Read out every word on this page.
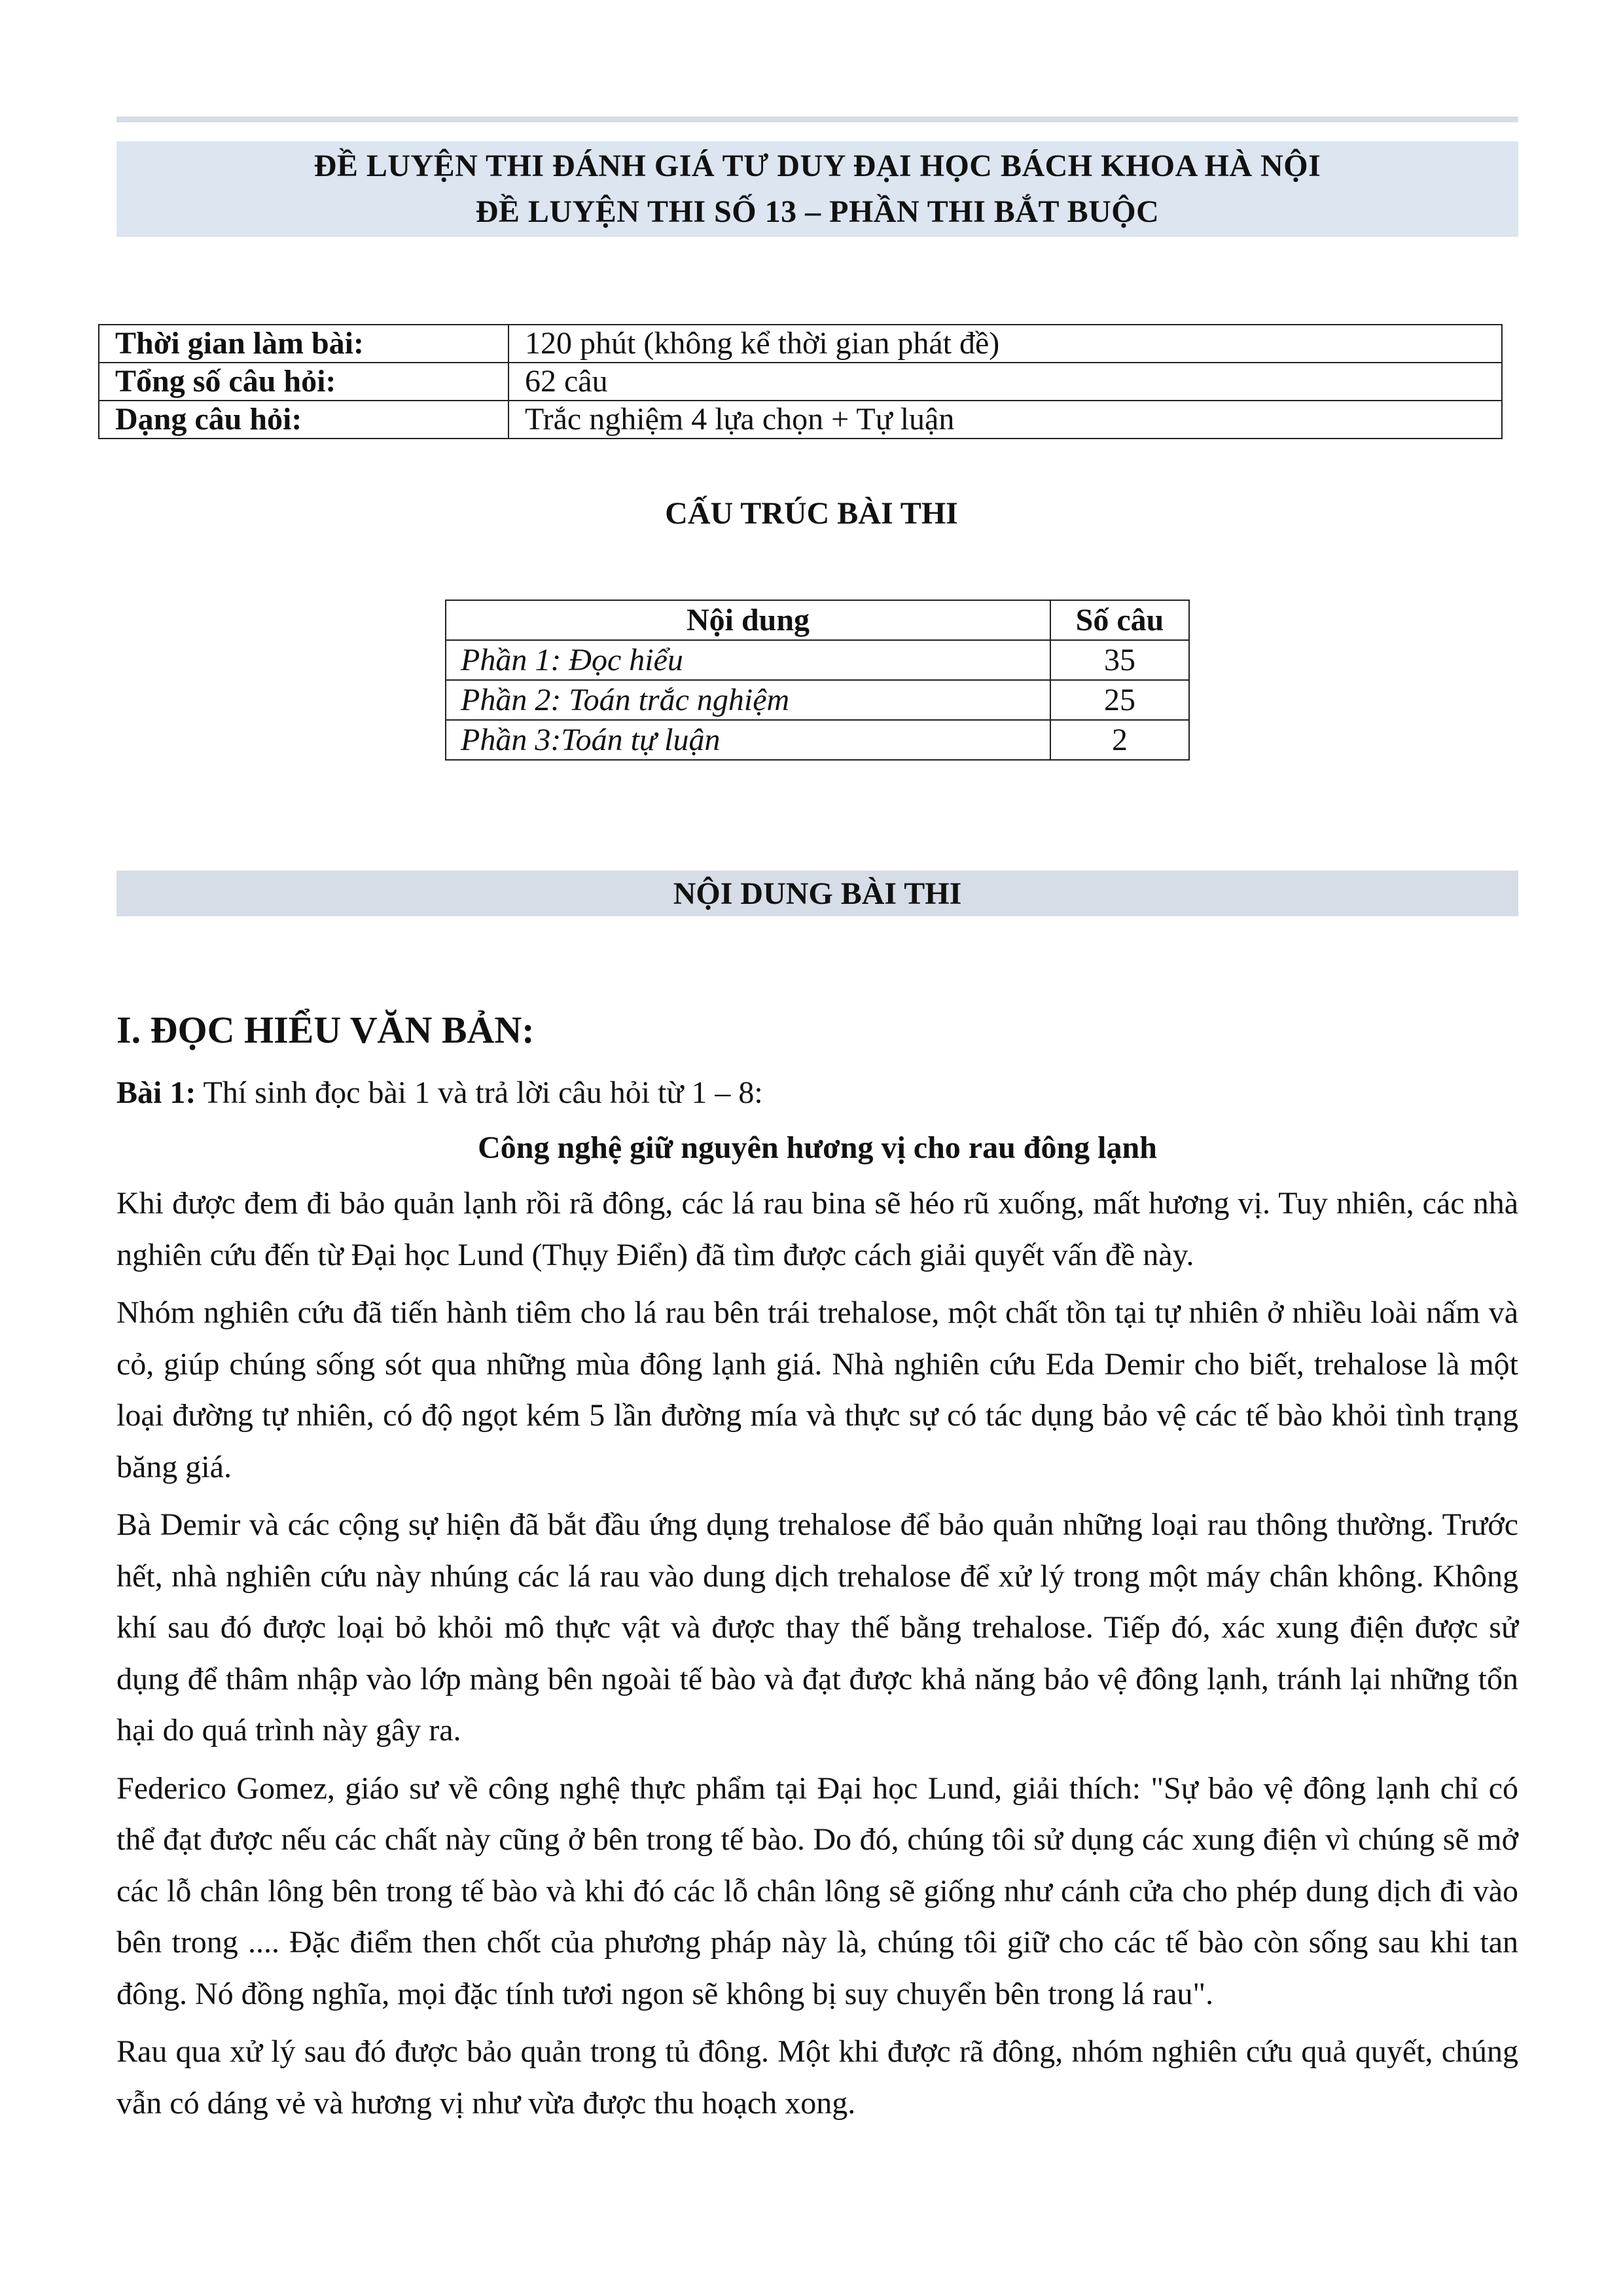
ĐỀ LUYỆN THI ĐÁNH GIÁ TƯ DUY ĐẠI HỌC BÁCH KHOA HÀ NỘI
ĐỀ LUYỆN THI SỐ 13 – PHẦN THI BẮT BUỘC
Thời gian làm bài:	120 phút (không kể thời gian phát đề)
Tổng số câu hỏi:	62 câu
Dạng câu hỏi:	Trắc nghiệm 4 lựa chọn + Tự luận
CẤU TRÚC BÀI THI
Nội dung	Số câu
Phần 1: Đọc hiểu	35
Phần 2: Toán trắc nghiệm	25
Phần 3:Toán tự luận	2
NỘI DUNG BÀI THI

I. ĐỌC HIỂU VĂN BẢN:

Bài 1: Thí sinh đọc bài 1 và trả lời câu hỏi từ 1 – 8:

Công nghệ giữ nguyên hương vị cho rau đông lạnh

Khi được đem đi bảo quản lạnh rồi rã đông, các lá rau bina sẽ héo rũ xuống, mất hương vị. Tuy nhiên, các nhà nghiên cứu đến từ Đại học Lund (Thụy Điển) đã tìm được cách giải quyết vấn đề này.

Nhóm nghiên cứu đã tiến hành tiêm cho lá rau bên trái trehalose, một chất tồn tại tự nhiên ở nhiều loài nấm và cỏ, giúp chúng sống sót qua những mùa đông lạnh giá. Nhà nghiên cứu Eda Demir cho biết, trehalose là một loại đường tự nhiên, có độ ngọt kém 5 lần đường mía và thực sự có tác dụng bảo vệ các tế bào khỏi tình trạng băng giá.

Bà Demir và các cộng sự hiện đã bắt đầu ứng dụng trehalose để bảo quản những loại rau thông thường. Trước hết, nhà nghiên cứu này nhúng các lá rau vào dung dịch trehalose để xử lý trong một máy chân không. Không khí sau đó được loại bỏ khỏi mô thực vật và được thay thế bằng trehalose. Tiếp đó, xác xung điện được sử dụng để thâm nhập vào lớp màng bên ngoài tế bào và đạt được khả năng bảo vệ đông lạnh, tránh lại những tổn hại do quá trình này gây ra.

Federico Gomez, giáo sư về công nghệ thực phẩm tại Đại học Lund, giải thích: "Sự bảo vệ đông lạnh chỉ có thể đạt được nếu các chất này cũng ở bên trong tế bào. Do đó, chúng tôi sử dụng các xung điện vì chúng sẽ mở các lỗ chân lông bên trong tế bào và khi đó các lỗ chân lông sẽ giống như cánh cửa cho phép dung dịch đi vào bên trong .... Đặc điểm then chốt của phương pháp này là, chúng tôi giữ cho các tế bào còn sống sau khi tan đông. Nó đồng nghĩa, mọi đặc tính tươi ngon sẽ không bị suy chuyển bên trong lá rau".

Rau qua xử lý sau đó được bảo quản trong tủ đông. Một khi được rã đông, nhóm nghiên cứu quả quyết, chúng vẫn có dáng vẻ và hương vị như vừa được thu hoạch xong.
